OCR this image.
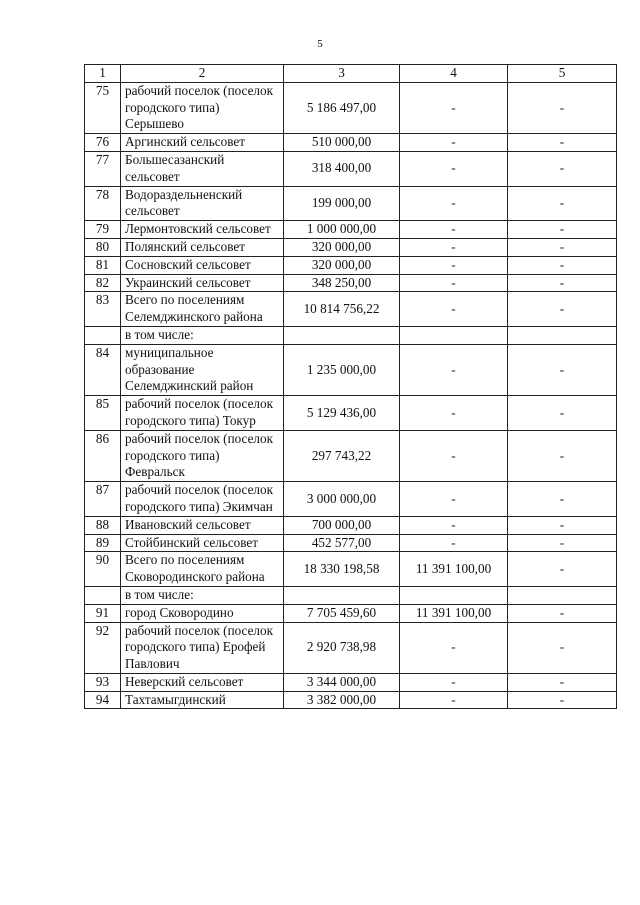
5
1	2	3	4	5
75	рабочий поселок (поселок городского типа) Серышево	5 186 497,00	-	-
76	Аргинский сельсовет	510 000,00	-	-
77	Большесазанский сельсовет	318 400,00	-	-
78	Водораздельненский сельсовет	199 000,00	-	-
79	Лермонтовский сельсовет	1 000 000,00	-	-
80	Полянский сельсовет	320 000,00	-	-
81	Сосновский сельсовет	320 000,00	-	-
82	Украинский сельсовет	348 250,00	-	-
83	Всего по поселениям Селемджинского района	10 814 756,22	-	-
	в том числе:			
84	муниципальное образование Селемджинский район	1 235 000,00	-	-
85	рабочий поселок (поселок городского типа) Токур	5 129 436,00	-	-
86	рабочий поселок (поселок городского типа) Февральск	297 743,22	-	-
87	рабочий поселок (поселок городского типа) Экимчан	3 000 000,00	-	-
88	Ивановский сельсовет	700 000,00	-	-
89	Стойбинский сельсовет	452 577,00	-	-
90	Всего по поселениям Сковородинского района	18 330 198,58	11 391 100,00	-
	в том числе:			
91	город Сковородино	7 705 459,60	11 391 100,00	-
92	рабочий поселок (поселок городского типа) Ерофей Павлович	2 920 738,98	-	-
93	Неверский сельсовет	3 344 000,00	-	-
94	Тахтамыгдинский	3 382 000,00	-	-
